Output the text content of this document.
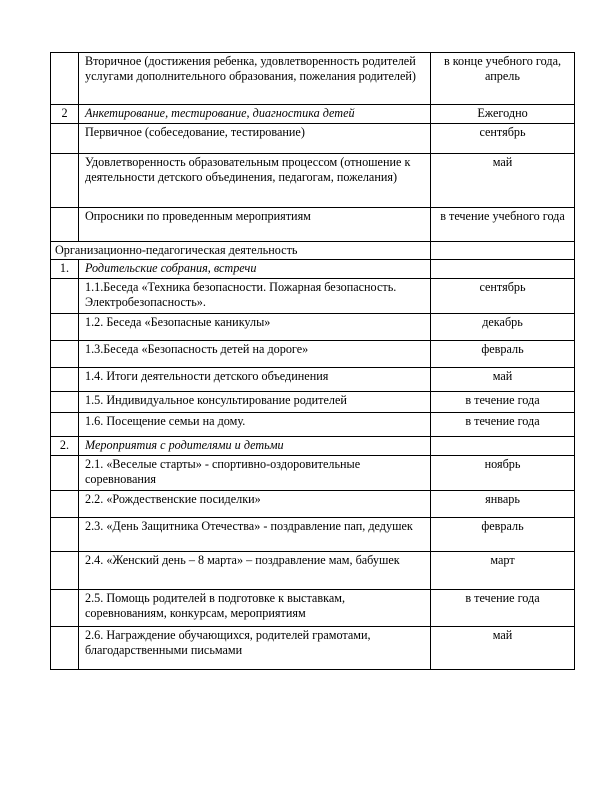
	Вторичное (достижения ребенка, удовлетворенность родителей услугами дополнительного образования, пожелания родителей)	в конце учебного года, апрель
2	Анкетирование, тестирование, диагностика детей	Ежегодно
	Первичное (собеседование, тестирование)	сентябрь
	Удовлетворенность образовательным процессом (отношение к деятельности детского объединения, педагогам, пожелания)	май
	Опросники по проведенным мероприятиям	в течение учебного года
Организационно-педагогическая деятельность		
1.	Родительские собрания, встречи	
	1.1.Беседа «Техника безопасности. Пожарная безопасность. Электробезопасность».	сентябрь
	1.2. Беседа «Безопасные каникулы»	декабрь
	1.3.Беседа «Безопасность детей на дороге»	февраль
	1.4. Итоги деятельности детского объединения	май
	1.5. Индивидуальное консультирование родителей	в течение года
	1.6. Посещение семьи на дому.	в течение года
2.	Мероприятия с родителями и детьми	
	2.1. «Веселые старты» - спортивно-оздоровительные соревнования	ноябрь
	2.2. «Рождественские посиделки»	январь
	2.3. «День Защитника Отечества» - поздравление пап, дедушек	февраль
	2.4. «Женский день – 8 марта» – поздравление мам, бабушек	март
	2.5. Помощь родителей в подготовке к выставкам, соревнованиям, конкурсам, мероприятиям	в течение года
	2.6. Награждение обучающихся, родителей грамотами, благодарственными письмами	май
